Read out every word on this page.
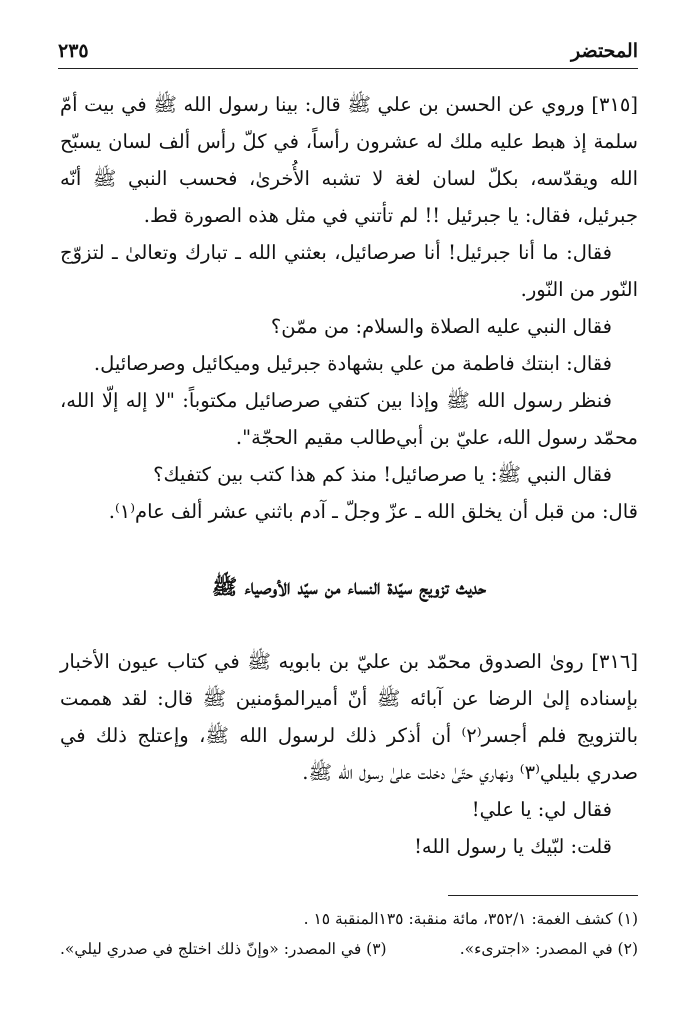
المحتضر
٢٣٥

[٣١٥] وروي عن الحسن بن علي ﷺ قال: بينا رسول الله ﷺ في بيت أمّ سلمة إذ هبط عليه ملك له عشرون رأساً، في كلّ رأس ألف لسان يسبّح الله ويقدّسه، بكلّ لسان لغة لا تشبه الأُخرىٰ، فحسب النبي ﷺ أنّه جبرئيل، فقال: يا جبرئيل !! لم تأتني في مثل هذه الصورة قط.

فقال: ما أنا جبرئيل! أنا صرصائيل، بعثني الله ـ تبارك وتعالىٰ ـ لتزوّج النّور من النّور.

فقال النبي عليه الصلاة والسلام: من ممّن؟

فقال: ابنتك فاطمة من علي بشهادة جبرئيل وميكائيل وصرصائيل.

فنظر رسول الله ﷺ وإذا بين كتفي صرصائيل مكتوباً: "لا إله إلّا الله، محمّد رسول الله، عليّ بن أبي‌طالب مقيم الحجّة".

فقال النبي ﷺ: يا صرصائيل! منذ كم هذا كتب بين كتفيك؟

قال: من قبل أن يخلق الله ـ عزّ وجلّ ـ آدم باثني عشر ألف عام⁽١⁾.

حديث تزويج سيّدة النساء من سيّد الأوصياء ﷺ

[٣١٦] روىٰ الصدوق محمّد بن عليّ بن بابويه ﷺ في كتاب عيون الأخبار بإسناده إلىٰ الرضا عن آبائه ﷺ أنّ أميرالمؤمنين ﷺ قال: لقد هممت بالتزويج فلم أجسر⁽٢⁾ أن أذكر ذلك لرسول الله ﷺ، وإعتلج ذلك في صدري بليلي⁽٣⁾ ونهاري حتّىٰ دخلت علىٰ رسول الله ﷺ.

فقال لي: يا علي!

قلت: لبّيك يا رسول الله!

(١) كشف الغمة: ٣٥٢/١، مائة منقبة: ١٣٥المنقبة ١٥ .
(٢) في المصدر: «اجترىء».
(٣) في المصدر: «وإنّ ذلك اختلج في صدري ليلي».
